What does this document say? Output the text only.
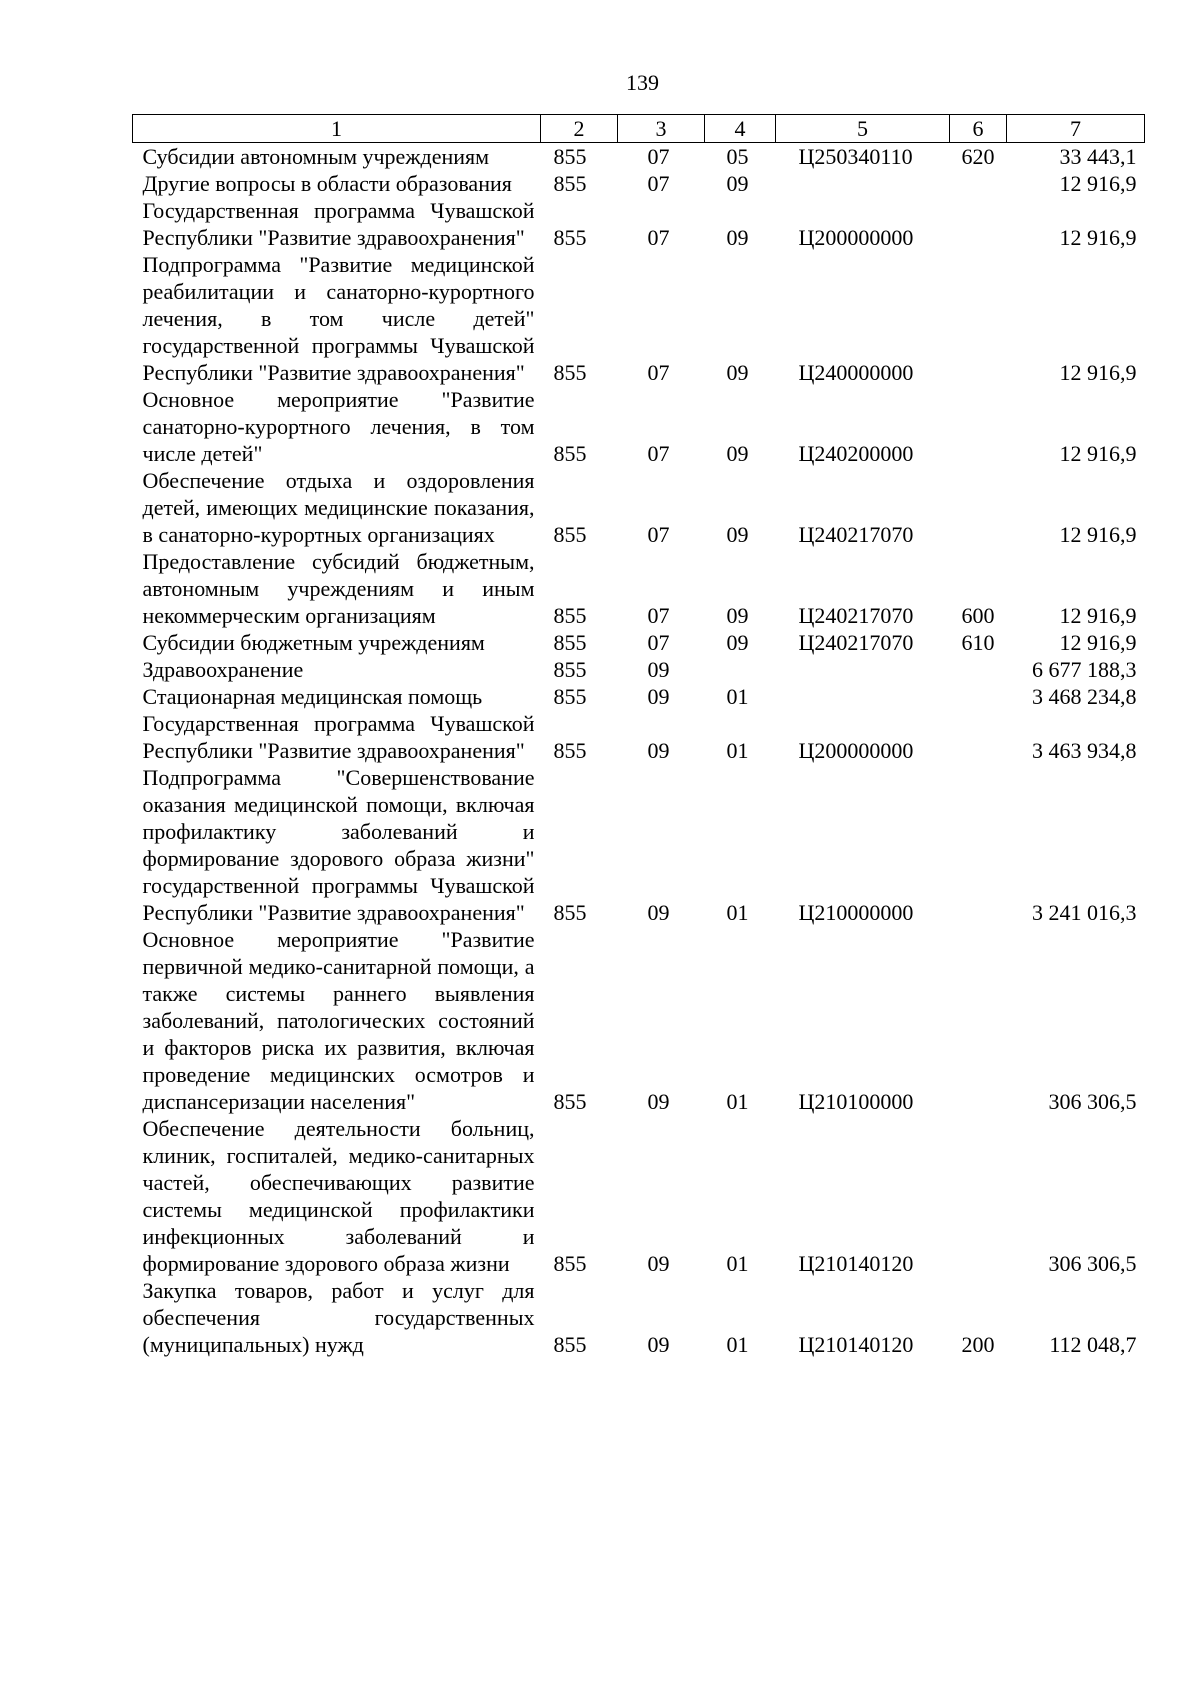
139
1	2	3	4	5	6	7
Субсидии автономным учреждениям	855	07	05	Ц250340110	620	33 443,1
Другие вопросы в области образования	855	07	09			12 916,9
Государственная программа Чувашской Республики "Развитие здравоохранения"	855	07	09	Ц200000000		12 916,9
Подпрограмма "Развитие медицинской реабилитации и санаторно-курортного лечения, в том числе детей" государственной программы Чувашской Республики "Развитие здравоохранения"	855	07	09	Ц240000000		12 916,9
Основное мероприятие "Развитие санаторно-курортного лечения, в том числе детей"	855	07	09	Ц240200000		12 916,9
Обеспечение отдыха и оздоровления детей, имеющих медицинские показания, в санаторно-курортных организациях	855	07	09	Ц240217070		12 916,9
Предоставление субсидий бюджетным, автономным учреждениям и иным некоммерческим организациям	855	07	09	Ц240217070	600	12 916,9
Субсидии бюджетным учреждениям	855	07	09	Ц240217070	610	12 916,9
Здравоохранение	855	09				6 677 188,3
Стационарная медицинская помощь	855	09	01			3 468 234,8
Государственная программа Чувашской Республики "Развитие здравоохранения"	855	09	01	Ц200000000		3 463 934,8
Подпрограмма "Совершенствование оказания медицинской помощи, включая профилактику заболеваний и формирование здорового образа жизни" государственной программы Чувашской Республики "Развитие здравоохранения"	855	09	01	Ц210000000		3 241 016,3
Основное мероприятие "Развитие первичной медико-санитарной помощи, а также системы раннего выявления заболеваний, патологических состояний и факторов риска их развития, включая проведение медицинских осмотров и диспансеризации населения"	855	09	01	Ц210100000		306 306,5
Обеспечение деятельности больниц, клиник, госпиталей, медико-санитарных частей, обеспечивающих развитие системы медицинской профилактики инфекционных заболеваний и формирование здорового образа жизни	855	09	01	Ц210140120		306 306,5
Закупка товаров, работ и услуг для обеспечения государственных (муниципальных) нужд	855	09	01	Ц210140120	200	112 048,7
